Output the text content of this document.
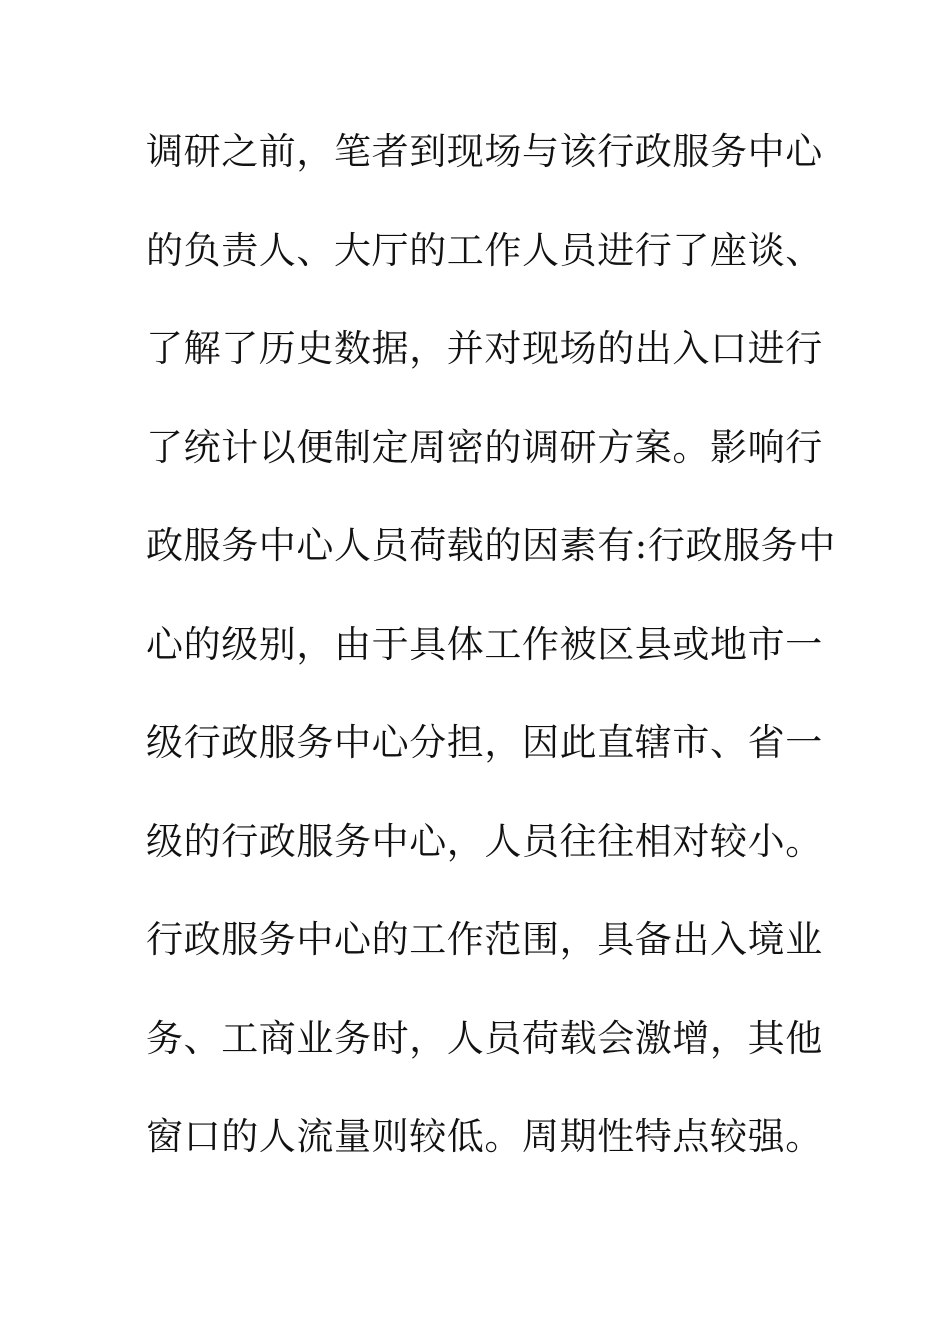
调研之前，笔者到现场与该行政服务中心
的负责人、大厅的工作人员进行了座谈、
了解了历史数据，并对现场的出入口进行
了统计以便制定周密的调研方案。影响行
政服务中心人员荷载的因素有:行政服务中
心的级别，由于具体工作被区县或地市一
级行政服务中心分担，因此直辖市、省一
级的行政服务中心，人员往往相对较小。
行政服务中心的工作范围，具备出入境业
务、工商业务时，人员荷载会激增，其他
窗口的人流量则较低。周期性特点较强。
